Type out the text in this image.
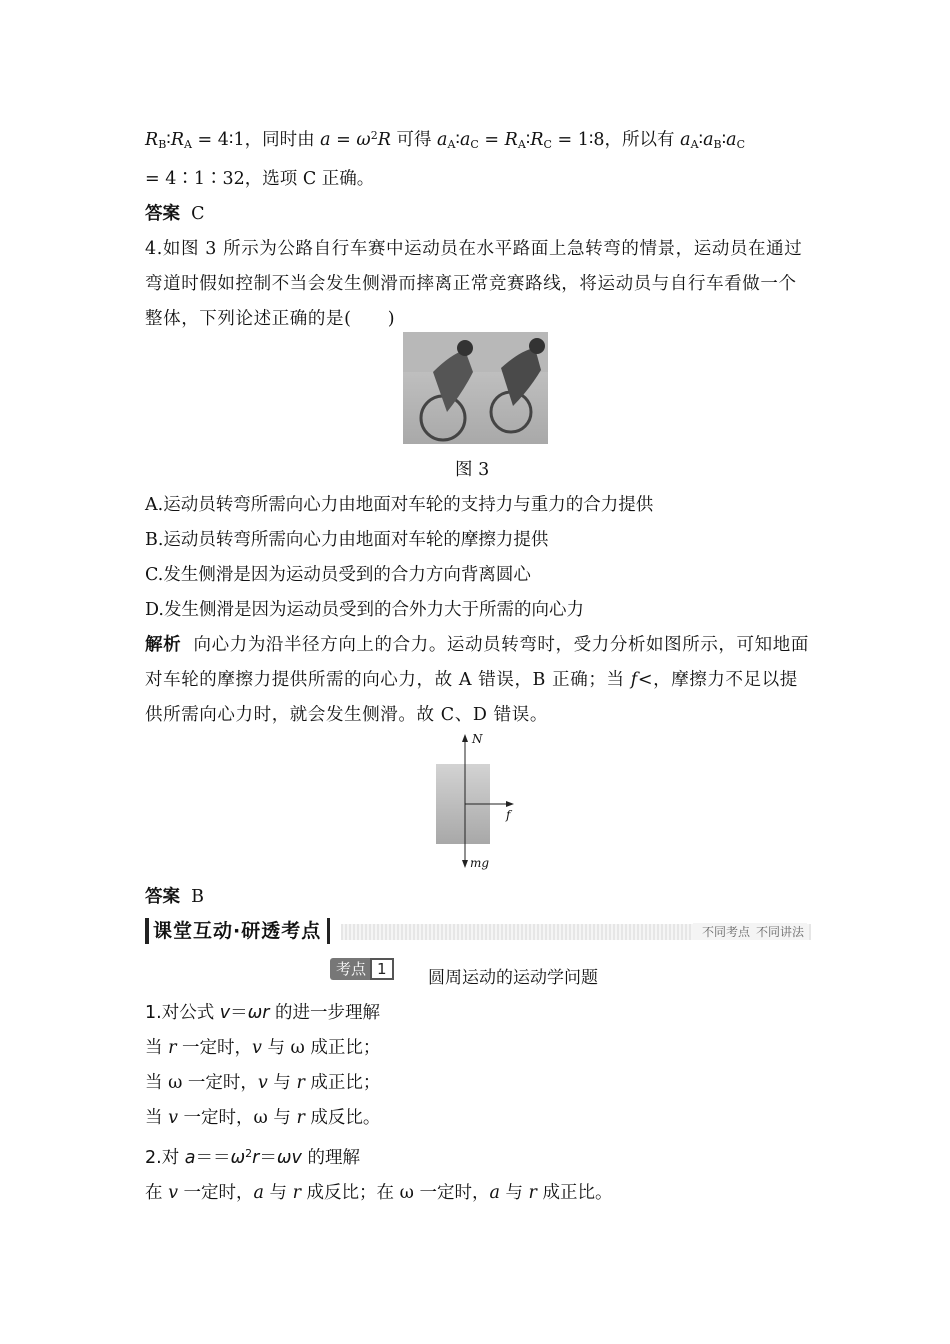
$R_B∶R_A$ = 4∶1，同时由 $a = \omega^2R$ 可得 $a_A∶a_C$ = $R_A∶R_C$ = 1∶8，所以有 $a_A∶a_B∶a_C$

= 4∶1∶32，选项 C 正确。

答案 C

4.如图 3 所示为公路自行车赛中运动员在水平路面上急转弯的情景，运动员在通过弯道时假如控制不当会发生侧滑而摔离正常竞赛路线，将运动员与自行车看做一个整体，下列论述正确的是(　　)

图 3

A.运动员转弯所需向心力由地面对车轮的支持力与重力的合力提供

B.运动员转弯所需向心力由地面对车轮的摩擦力提供

C.发生侧滑是因为运动员受到的合力方向背离圆心

D.发生侧滑是因为运动员受到的合外力大于所需的向心力

解析 向心力为沿半径方向上的合力。运动员转弯时，受力分析如图所示，可知地面对车轮的摩擦力提供所需的向心力，故 A 错误，B 正确；当 f<，摩擦力不足以提供所需向心力时，就会发生侧滑。故 C、D 错误。

N
f
mg

答案 B

课堂互动·研透考点	不同考点 不同讲法
考点 1	圆周运动的运动学问题

1.对公式 v＝ωr 的进一步理解

当 r 一定时，v 与 ω 成正比；

当 ω 一定时，v 与 r 成正比；

当 v 一定时，ω 与 r 成反比。

2.对 $a==\omega^2r=\omega v$ 的理解

在 v 一定时，a 与 r 成反比；在 ω 一定时，a 与 r 成正比。
